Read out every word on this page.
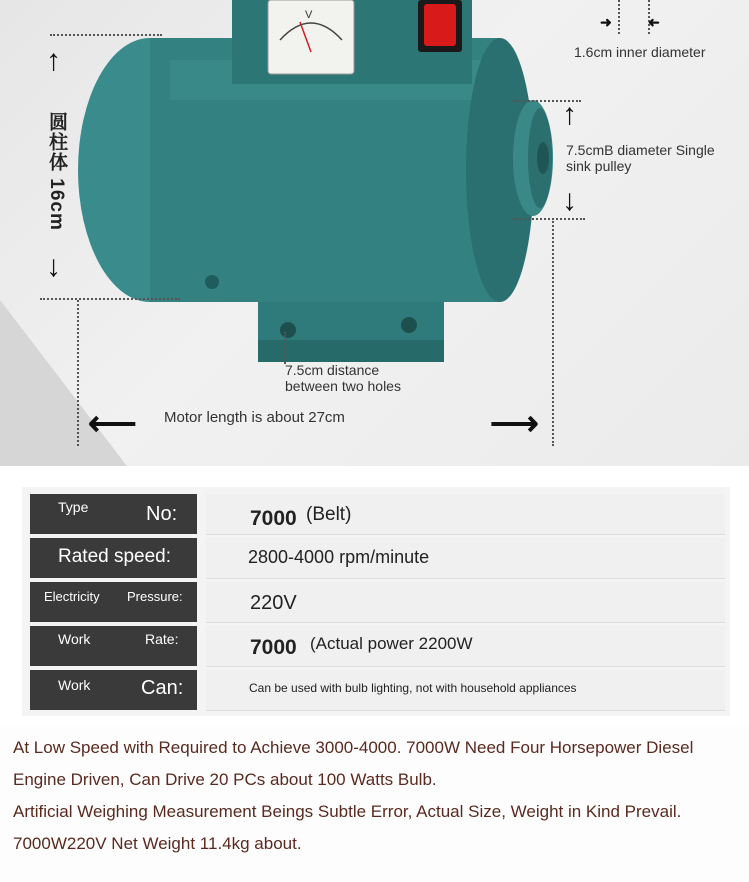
V
↑
↓
↑
↓
⟵	⟶
➜	➜
圆柱体 16cm
1.6cm inner diameter
7.5cmB diameter Single sink pulley
7.5cm distance between two holes
Motor length is about 27cm
Type	No:	7000 (Belt)
Rated speed:	2800-4000 rpm/minute
Electricity Pressure:	220V
Work	Rate:	7000 (Actual power 2200W
Work	Can:	Can be used with bulb lighting, not with household appliances
At Low Speed with Required to Achieve 3000-4000. 7000W Need Four Horsepower Diesel
Engine Driven, Can Drive 20 PCs about 100 Watts Bulb.
Artificial Weighing Measurement Beings Subtle Error, Actual Size, Weight in Kind Prevail.
7000W220V Net Weight 11.4kg about.
